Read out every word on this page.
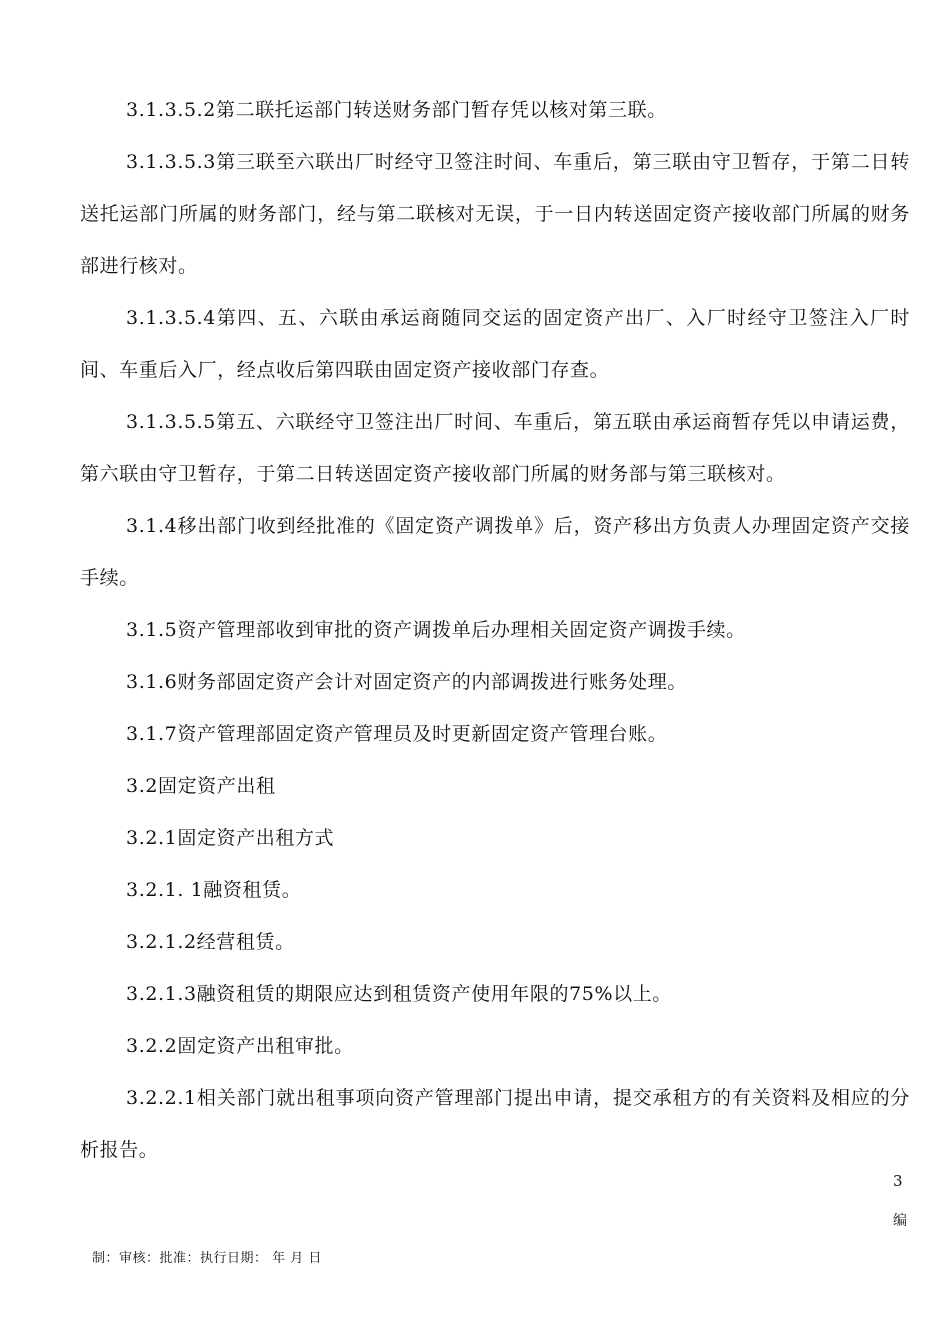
3.1.3.5.2第二联托运部门转送财务部门暂存凭以核对第三联。

3.1.3.5.3第三联至六联出厂时经守卫签注时间、车重后，第三联由守卫暂存，于第二日转送托运部门所属的财务部门，经与第二联核对无误，于一日内转送固定资产接收部门所属的财务部进行核对。

3.1.3.5.4第四、五、六联由承运商随同交运的固定资产出厂、入厂时经守卫签注入厂时间、车重后入厂，经点收后第四联由固定资产接收部门存查。

3.1.3.5.5第五、六联经守卫签注出厂时间、车重后，第五联由承运商暂存凭以申请运费，第六联由守卫暂存，于第二日转送固定资产接收部门所属的财务部与第三联核对。

3.1.4移出部门收到经批准的《固定资产调拨单》后，资产移出方负责人办理固定资产交接手续。

3.1.5资产管理部收到审批的资产调拨单后办理相关固定资产调拨手续。

3.1.6财务部固定资产会计对固定资产的内部调拨进行账务处理。

3.1.7资产管理部固定资产管理员及时更新固定资产管理台账。

3.2固定资产出租

3.2.1固定资产出租方式

3.2.1. 1融资租赁。

3.2.1.2经营租赁。

3.2.1.3融资租赁的期限应达到租赁资产使用年限的75%以上。

3.2.2固定资产出租审批。

3.2.2.1相关部门就出租事项向资产管理部门提出申请，提交承租方的有关资料及相应的分析报告。

3
编
制：审核：批准：执行日期： 年 月 日
